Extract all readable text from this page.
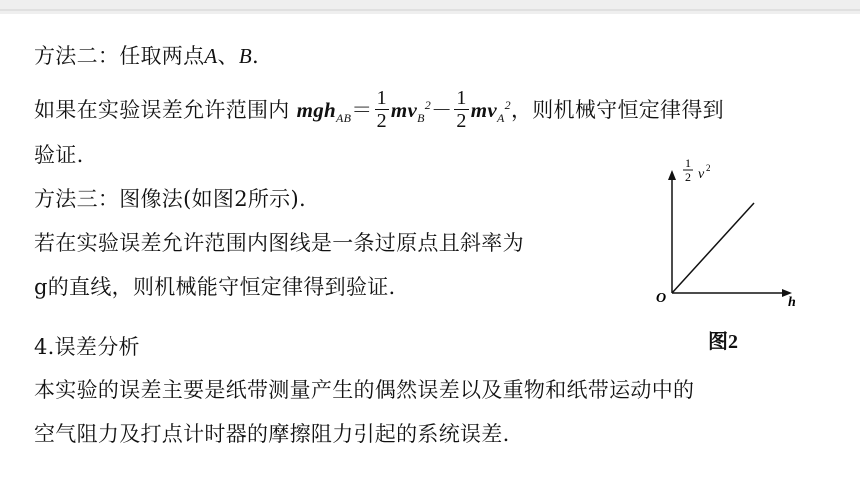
方法二：任取两点A、B.
如果在实验误差允许范围内 $mgh_{AB}= \frac{1}{2} mv_B^2- \frac{1}{2} mv_A^2$，则机械守恒定律得到
验证.
方法三：图像法(如图2所示).
若在实验误差允许范围内图线是一条过原点且斜率为
g的直线，则机械能守恒定律得到验证.
4.误差分析
本实验的误差主要是纸带测量产生的偶然误差以及重物和纸带运动中的
空气阻力及打点计时器的摩擦阻力引起的系统误差.
1
2 v 2
O	h
图2
